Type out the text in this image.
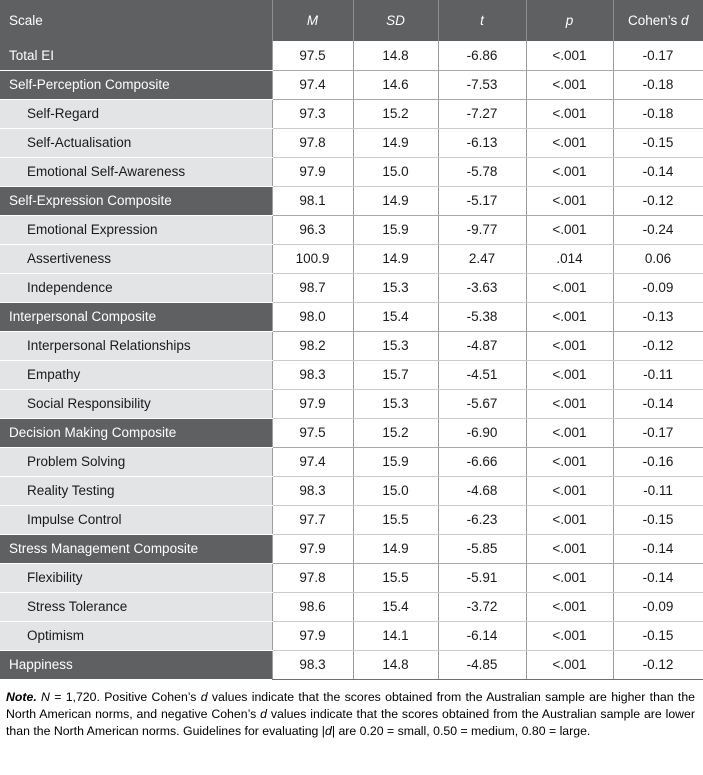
Scale	M	SD	t	p	Cohen’s d
Total EI	97.5	14.8	-6.86	<.001	-0.17
Self-Perception Composite	97.4	14.6	-7.53	<.001	-0.18
Self-Regard	97.3	15.2	-7.27	<.001	-0.18
Self-Actualisation	97.8	14.9	-6.13	<.001	-0.15
Emotional Self-Awareness	97.9	15.0	-5.78	<.001	-0.14
Self-Expression Composite	98.1	14.9	-5.17	<.001	-0.12
Emotional Expression	96.3	15.9	-9.77	<.001	-0.24
Assertiveness	100.9	14.9	2.47	.014	0.06
Independence	98.7	15.3	-3.63	<.001	-0.09
Interpersonal Composite	98.0	15.4	-5.38	<.001	-0.13
Interpersonal Relationships	98.2	15.3	-4.87	<.001	-0.12
Empathy	98.3	15.7	-4.51	<.001	-0.11
Social Responsibility	97.9	15.3	-5.67	<.001	-0.14
Decision Making Composite	97.5	15.2	-6.90	<.001	-0.17
Problem Solving	97.4	15.9	-6.66	<.001	-0.16
Reality Testing	98.3	15.0	-4.68	<.001	-0.11
Impulse Control	97.7	15.5	-6.23	<.001	-0.15
Stress Management Composite	97.9	14.9	-5.85	<.001	-0.14
Flexibility	97.8	15.5	-5.91	<.001	-0.14
Stress Tolerance	98.6	15.4	-3.72	<.001	-0.09
Optimism	97.9	14.1	-6.14	<.001	-0.15
Happiness	98.3	14.8	-4.85	<.001	-0.12
Note. N = 1,720. Positive Cohen’s d values indicate that the scores obtained from the Australian sample are higher than the North American norms, and negative Cohen’s d values indicate that the scores obtained from the Australian sample are lower than the North American norms. Guidelines for evaluating |d| are 0.20 = small, 0.50 = medium, 0.80 = large.
